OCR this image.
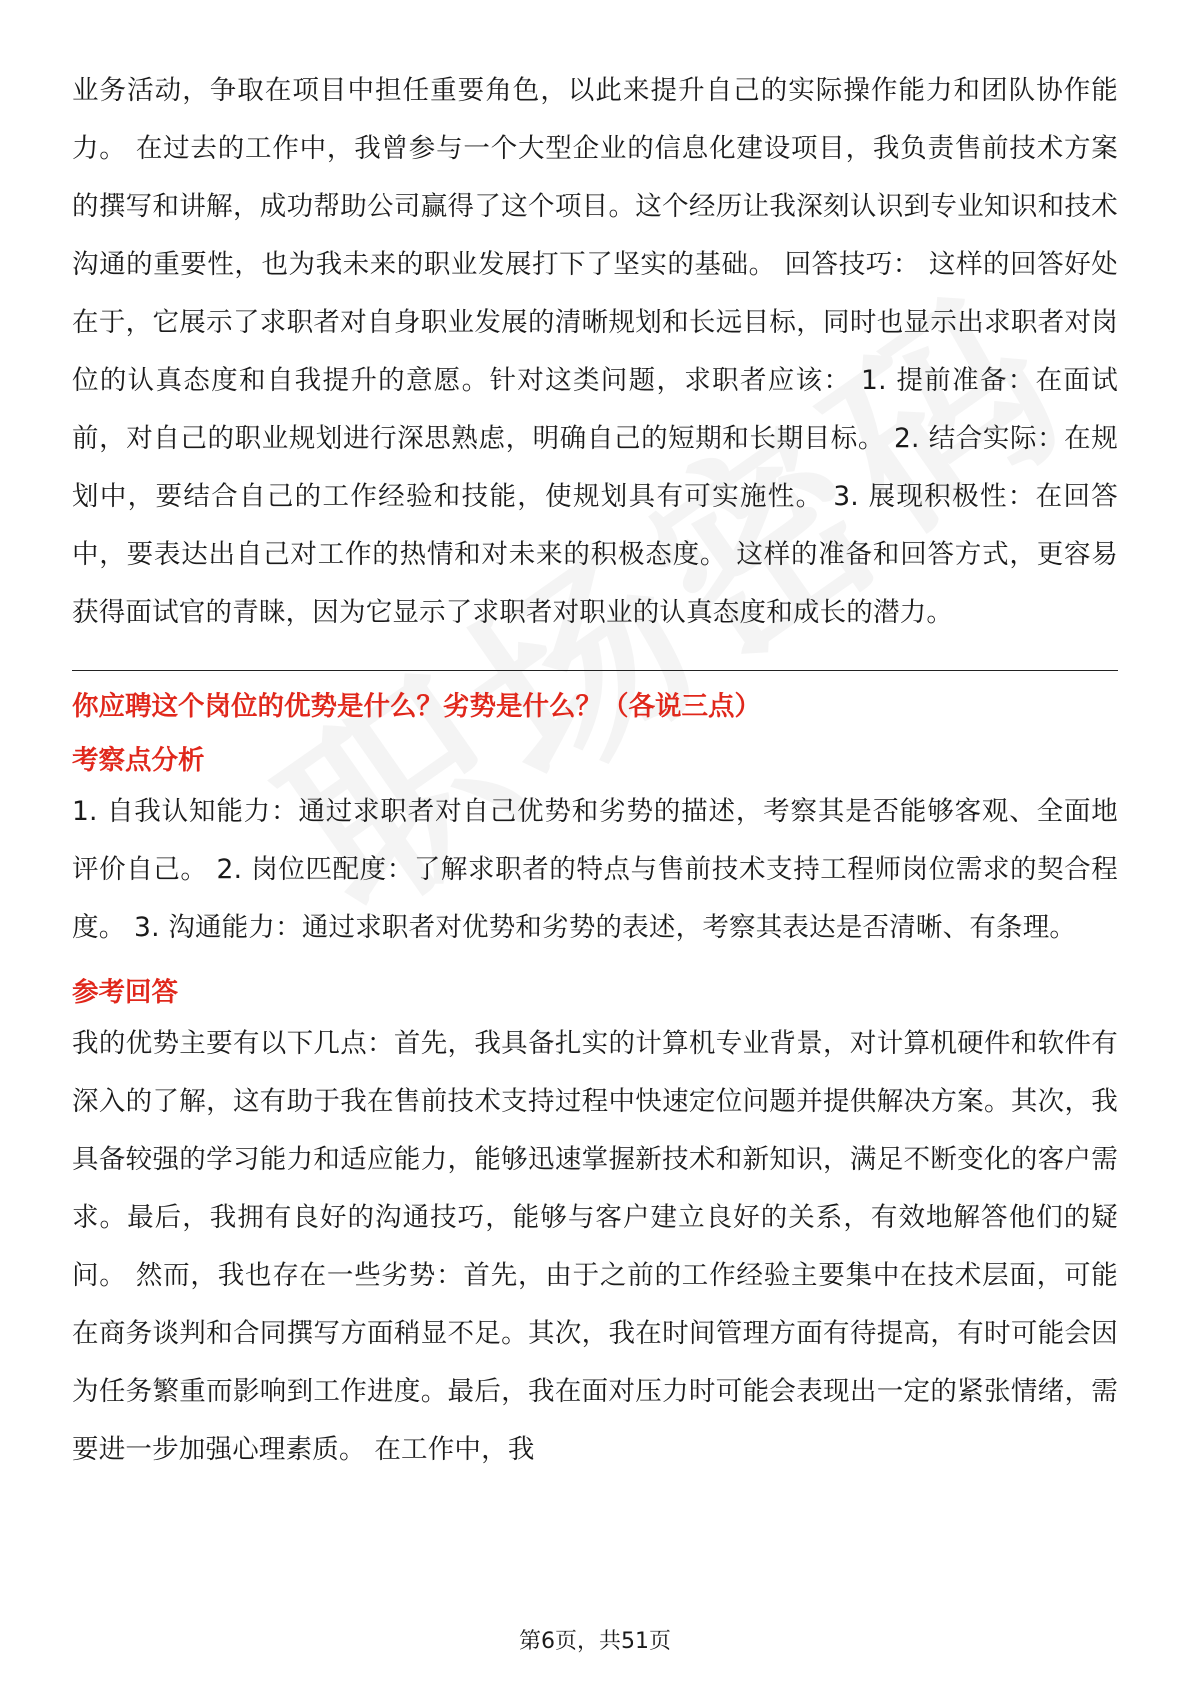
业务活动，争取在项目中担任重要角色，以此来提升自己的实际操作能力和团队协作能力。 在过去的工作中，我曾参与一个大型企业的信息化建设项目，我负责售前技术方案的撰写和讲解，成功帮助公司赢得了这个项目。这个经历让我深刻认识到专业知识和技术沟通的重要性，也为我未来的职业发展打下了坚实的基础。 回答技巧： 这样的回答好处在于，它展示了求职者对自身职业发展的清晰规划和长远目标，同时也显示出求职者对岗位的认真态度和自我提升的意愿。针对这类问题，求职者应该： 1. 提前准备：在面试前，对自己的职业规划进行深思熟虑，明确自己的短期和长期目标。 2. 结合实际：在规划中，要结合自己的工作经验和技能，使规划具有可实施性。 3. 展现积极性：在回答中，要表达出自己对工作的热情和对未来的积极态度。 这样的准备和回答方式，更容易获得面试官的青睐，因为它显示了求职者对职业的认真态度和成长的潜力。

你应聘这个岗位的优势是什么？劣势是什么？（各说三点）

考察点分析

1. 自我认知能力：通过求职者对自己优势和劣势的描述，考察其是否能够客观、全面地评价自己。 2. 岗位匹配度：了解求职者的特点与售前技术支持工程师岗位需求的契合程度。 3. 沟通能力：通过求职者对优势和劣势的表述，考察其表达是否清晰、有条理。

参考回答

我的优势主要有以下几点：首先，我具备扎实的计算机专业背景，对计算机硬件和软件有深入的了解，这有助于我在售前技术支持过程中快速定位问题并提供解决方案。其次，我具备较强的学习能力和适应能力，能够迅速掌握新技术和新知识，满足不断变化的客户需求。最后，我拥有良好的沟通技巧，能够与客户建立良好的关系，有效地解答他们的疑问。 然而，我也存在一些劣势：首先，由于之前的工作经验主要集中在技术层面，可能在商务谈判和合同撰写方面稍显不足。其次，我在时间管理方面有待提高，有时可能会因为任务繁重而影响到工作进度。最后，我在面对压力时可能会表现出一定的紧张情绪，需要进一步加强心理素质。 在工作中，我

第6页，共51页
